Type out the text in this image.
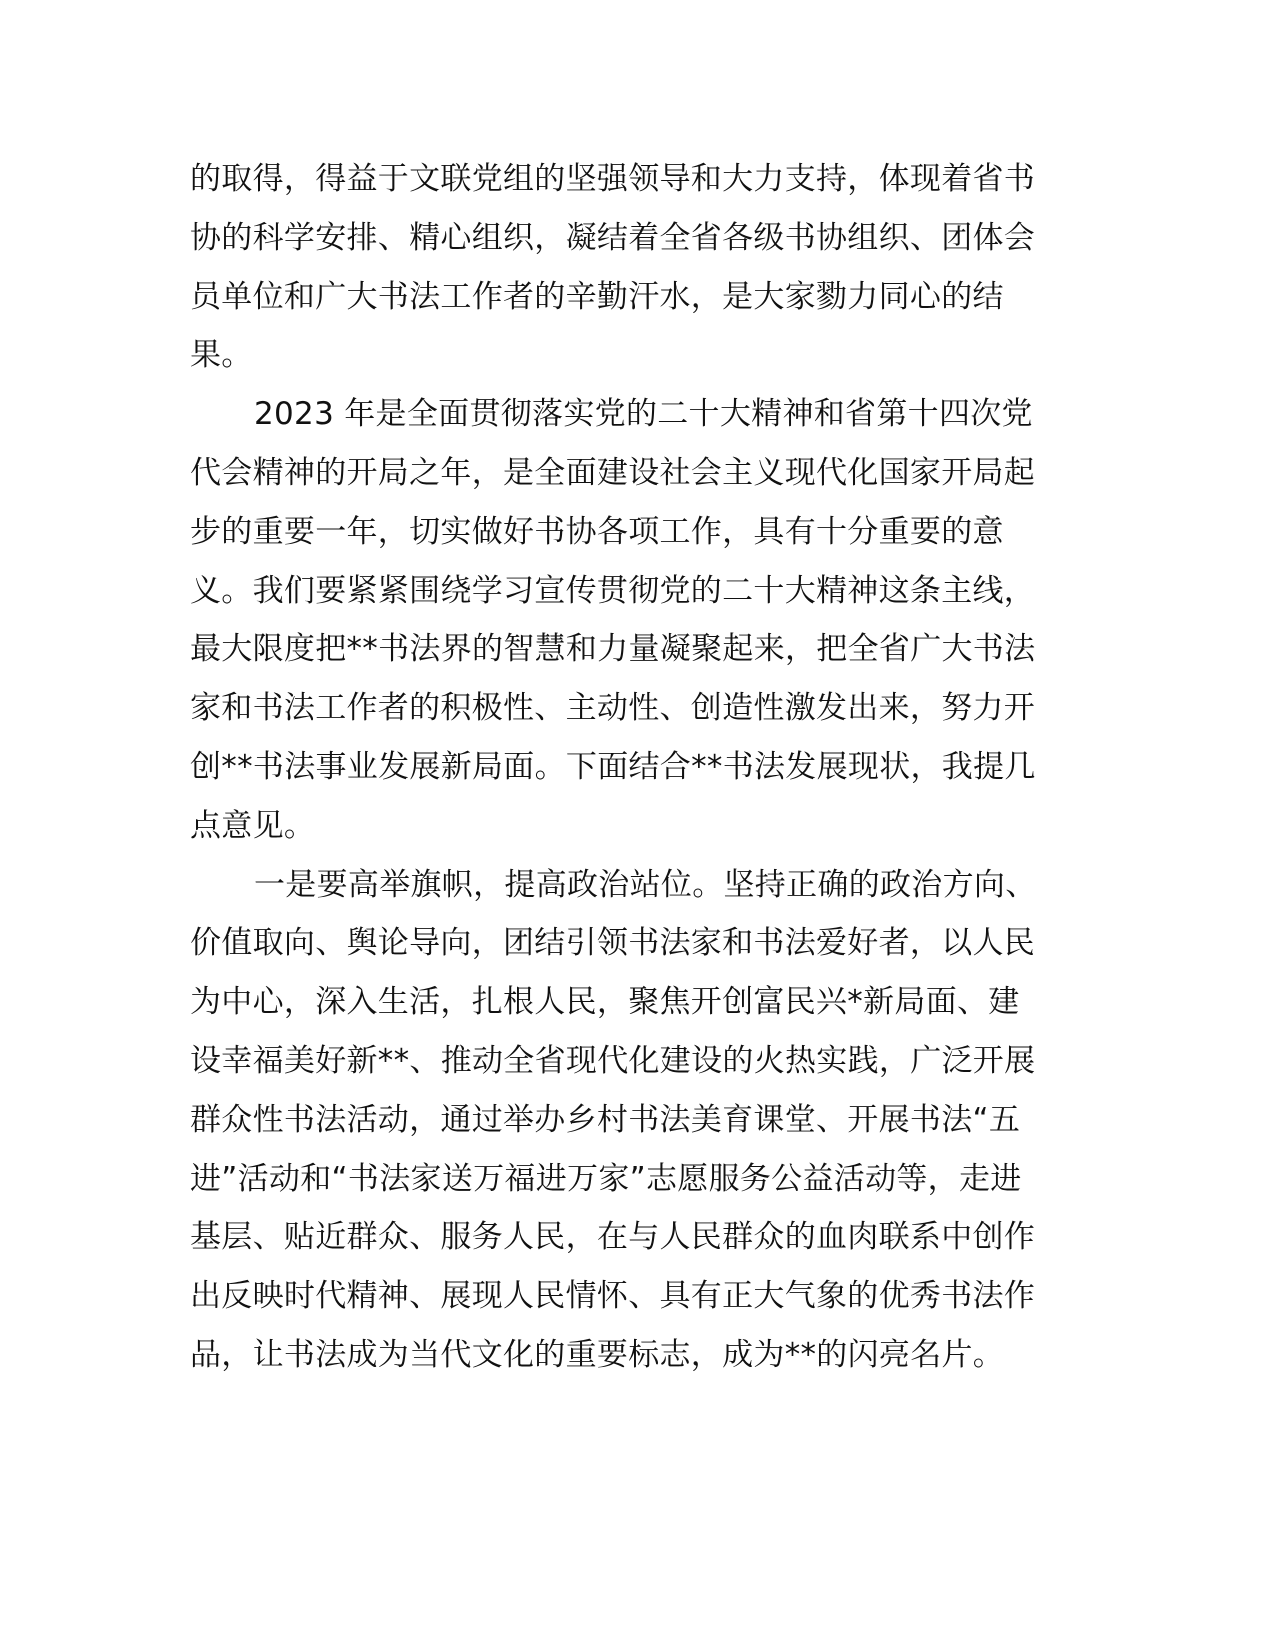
的取得，得益于文联党组的坚强领导和大力支持，体现着省书
协的科学安排、精心组织，凝结着全省各级书协组织、团体会
员单位和广大书法工作者的辛勤汗水，是大家勠力同心的结
果。
2023 年是全面贯彻落实党的二十大精神和省第十四次党
代会精神的开局之年，是全面建设社会主义现代化国家开局起
步的重要一年，切实做好书协各项工作，具有十分重要的意
义。我们要紧紧围绕学习宣传贯彻党的二十大精神这条主线，
最大限度把**书法界的智慧和力量凝聚起来，把全省广大书法
家和书法工作者的积极性、主动性、创造性激发出来，努力开
创**书法事业发展新局面。下面结合**书法发展现状，我提几
点意见。
一是要高举旗帜，提高政治站位。坚持正确的政治方向、
价值取向、舆论导向，团结引领书法家和书法爱好者，以人民
为中心，深入生活，扎根人民，聚焦开创富民兴*新局面、建
设幸福美好新**、推动全省现代化建设的火热实践，广泛开展
群众性书法活动，通过举办乡村书法美育课堂、开展书法“五
进”活动和“书法家送万福进万家”志愿服务公益活动等，走进
基层、贴近群众、服务人民，在与人民群众的血肉联系中创作
出反映时代精神、展现人民情怀、具有正大气象的优秀书法作
品，让书法成为当代文化的重要标志，成为**的闪亮名片。
